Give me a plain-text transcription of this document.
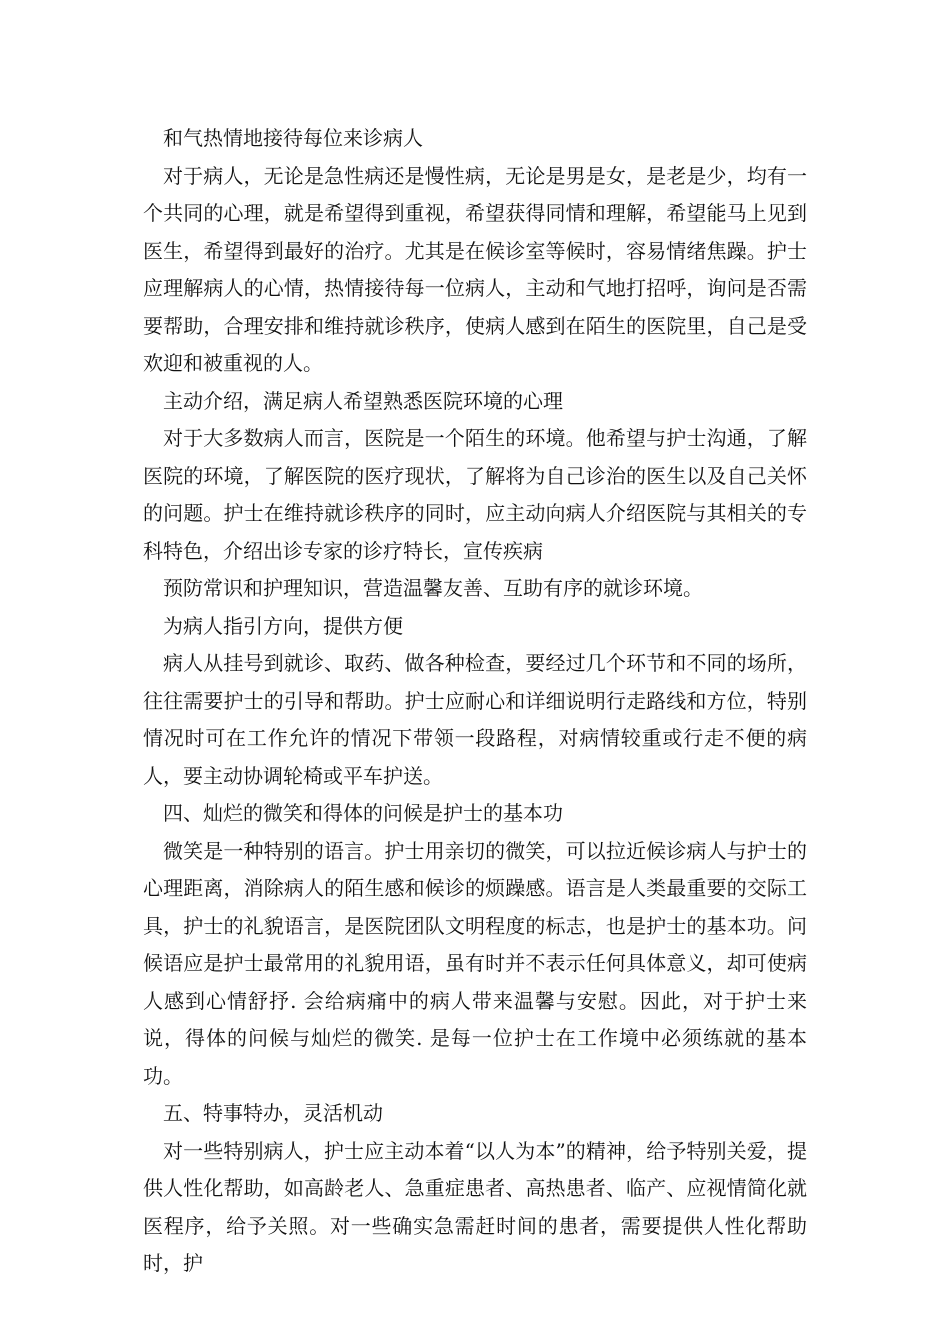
和气热情地接待每位来诊病人

对于病人，无论是急性病还是慢性病，无论是男是女，是老是少，均有一个共同的心理，就是希望得到重视，希望获得同情和理解，希望能马上见到医生，希望得到最好的治疗。尤其是在候诊室等候时，容易情绪焦躁。护士应理解病人的心情，热情接待每一位病人，主动和气地打招呼，询问是否需要帮助，合理安排和维持就诊秩序，使病人感到在陌生的医院里，自己是受欢迎和被重视的人。

主动介绍，满足病人希望熟悉医院环境的心理

对于大多数病人而言，医院是一个陌生的环境。他希望与护士沟通，了解医院的环境，了解医院的医疗现状，了解将为自己诊治的医生以及自己关怀的问题。护士在维持就诊秩序的同时，应主动向病人介绍医院与其相关的专科特色，介绍出诊专家的诊疗特长，宣传疾病

预防常识和护理知识，营造温馨友善、互助有序的就诊环境。

为病人指引方向，提供方便

病人从挂号到就诊、取药、做各种检查，要经过几个环节和不同的场所，往往需要护士的引导和帮助。护士应耐心和详细说明行走路线和方位，特别情况时可在工作允许的情况下带领一段路程，对病情较重或行走不便的病人，要主动协调轮椅或平车护送。

四、灿烂的微笑和得体的问候是护士的基本功

微笑是一种特别的语言。护士用亲切的微笑，可以拉近候诊病人与护士的心理距离，消除病人的陌生感和候诊的烦躁感。语言是人类最重要的交际工具，护士的礼貌语言，是医院团队文明程度的标志，也是护士的基本功。问候语应是护士最常用的礼貌用语，虽有时并不表示任何具体意义，却可使病人感到心情舒抒. 会给病痛中的病人带来温馨与安慰。因此，对于护士来说，得体的问候与灿烂的微笑. 是每一位护士在工作境中必须练就的基本功。

五、特事特办，灵活机动

对一些特别病人，护士应主动本着“以人为本”的精神，给予特别关爱，提供人性化帮助，如高龄老人、急重症患者、高热患者、临产、应视情简化就医程序，给予关照。对一些确实急需赶时间的患者，需要提供人性化帮助时，护
